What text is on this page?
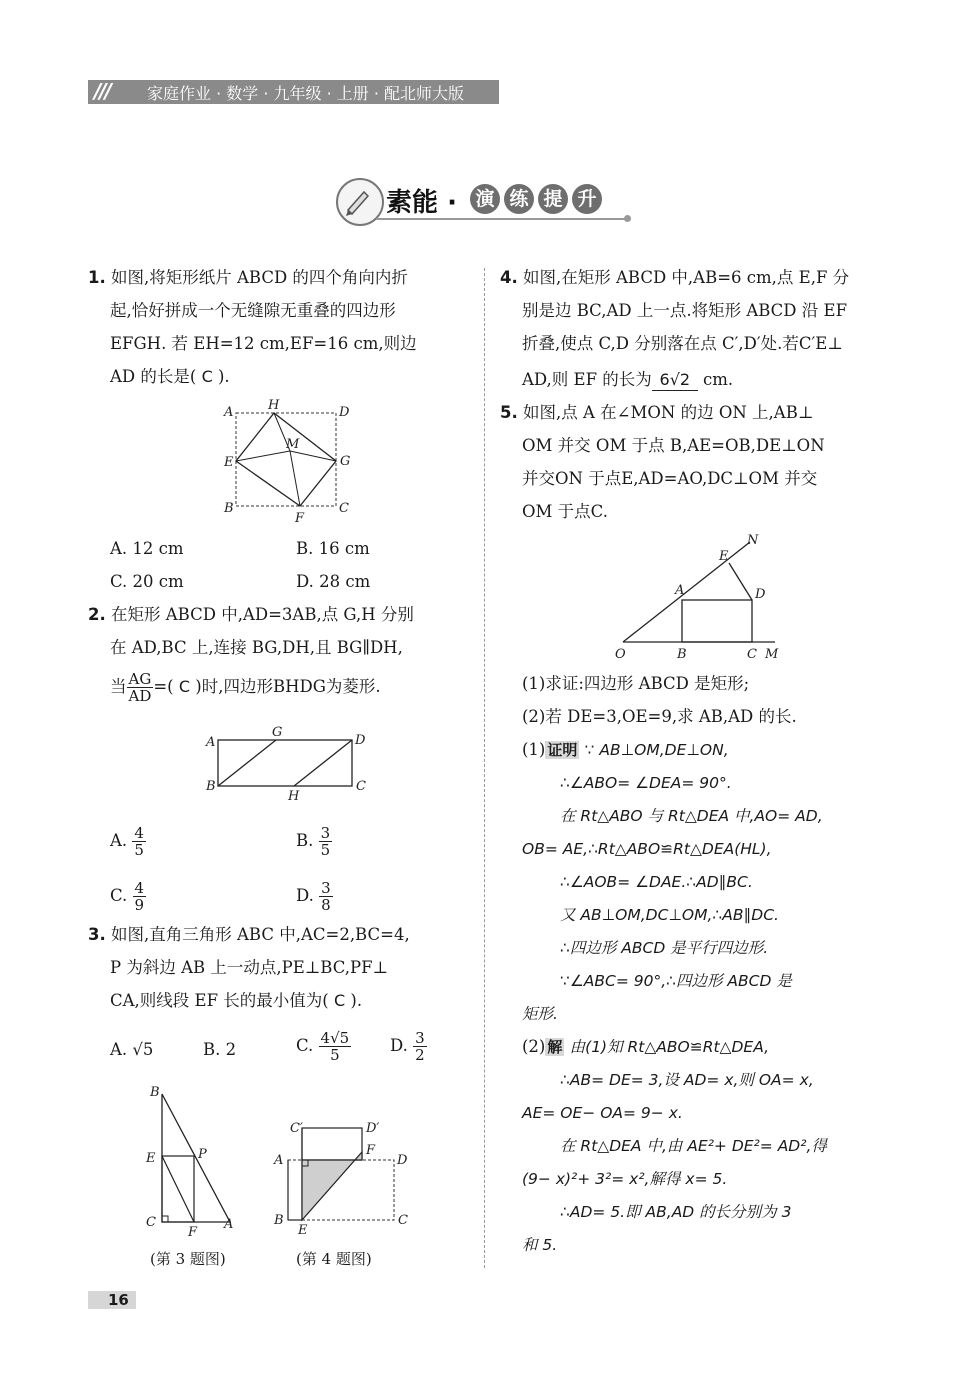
/// 家庭作业 · 数学 · 九年级 · 上册 · 配北师大版
素能 · 演 练 提 升
1. 如图,将矩形纸片 ABCD 的四个角向内折
起,恰好拼成一个无缝隙无重叠的四边形
EFGH. 若 EH=12 cm,EF=16 cm,则边
AD 的长是( C ).
A	H	D
M
E	G
B
F
C
A. 12 cm	B. 16 cm
C. 20 cm	D. 28 cm
2. 在矩形 ABCD 中,AD=3AB,点 G,H 分别
在 AD,BC 上,连接 BG,DH,且 BG∥DH,
当 $\frac{AG}{AD}$ =( C )时,四边形BHDG为菱形.
A
G
D
B
H
C
A. $\frac{4}{5}$	B. $\frac{3}{5}$
C. $\frac{4}{9}$	D. $\frac{3}{8}$
3. 如图,直角三角形 ABC 中,AC=2,BC=4,
P 为斜边 AB 上一动点,PE⊥BC,PF⊥
CA,则线段 EF 长的最小值为( C ).
A. √5	B. 2	C. $\frac{4√5}{5} D$. $\frac{3}{2}$
B
E	P
C
F
A
(第 3 题图)
C′	D′
A
F
D
B
E
C
(第 4 题图)
4. 如图,在矩形 ABCD 中,AB=6 cm,点 E,F 分
别是边 BC,AD 上一点.将矩形 ABCD 沿 EF
折叠,使点 C,D 分别落在点 C′,D′处.若C′E⊥
AD,则 EF 的长为 6√2 cm.
5. 如图,点 A 在∠MON 的边 ON 上,AB⊥
OM 并交 OM 于点 B,AE=OB,DE⊥ON
并交ON 于点E,AD=AO,DC⊥OM 并交
OM 于点C.
N
E
A	D
O	B	C M
(1)求证:四边形 ABCD 是矩形;
(2)若 DE=3,OE=9,求 AB,AD 的长.
(1) 证明 ∵ AB⊥OM,DE⊥ON,
∴∠ABO= ∠DEA= 90°.
在 Rt△ABO 与 Rt△DEA 中,AO= AD,
OB= AE,∴Rt△ABO≌Rt△DEA(HL),
∴∠AOB= ∠DAE.∴AD∥BC.
又 AB⊥OM,DC⊥OM,∴AB∥DC.
∴四边形 ABCD 是平行四边形.
∵∠ABC= 90°,∴四边形 ABCD 是
矩形.
(2) 解 由(1)知 Rt△ABO≌Rt△DEA,
∴AB= DE= 3,设 AD= x,则 OA= x,
AE= OE− OA= 9− x.
在 Rt△DEA 中,由 AE²+ DE²= AD²,得
(9− x)²+ 3²= x²,解得 x= 5.
∴AD= 5.即 AB,AD 的长分别为 3
和 5.
16
